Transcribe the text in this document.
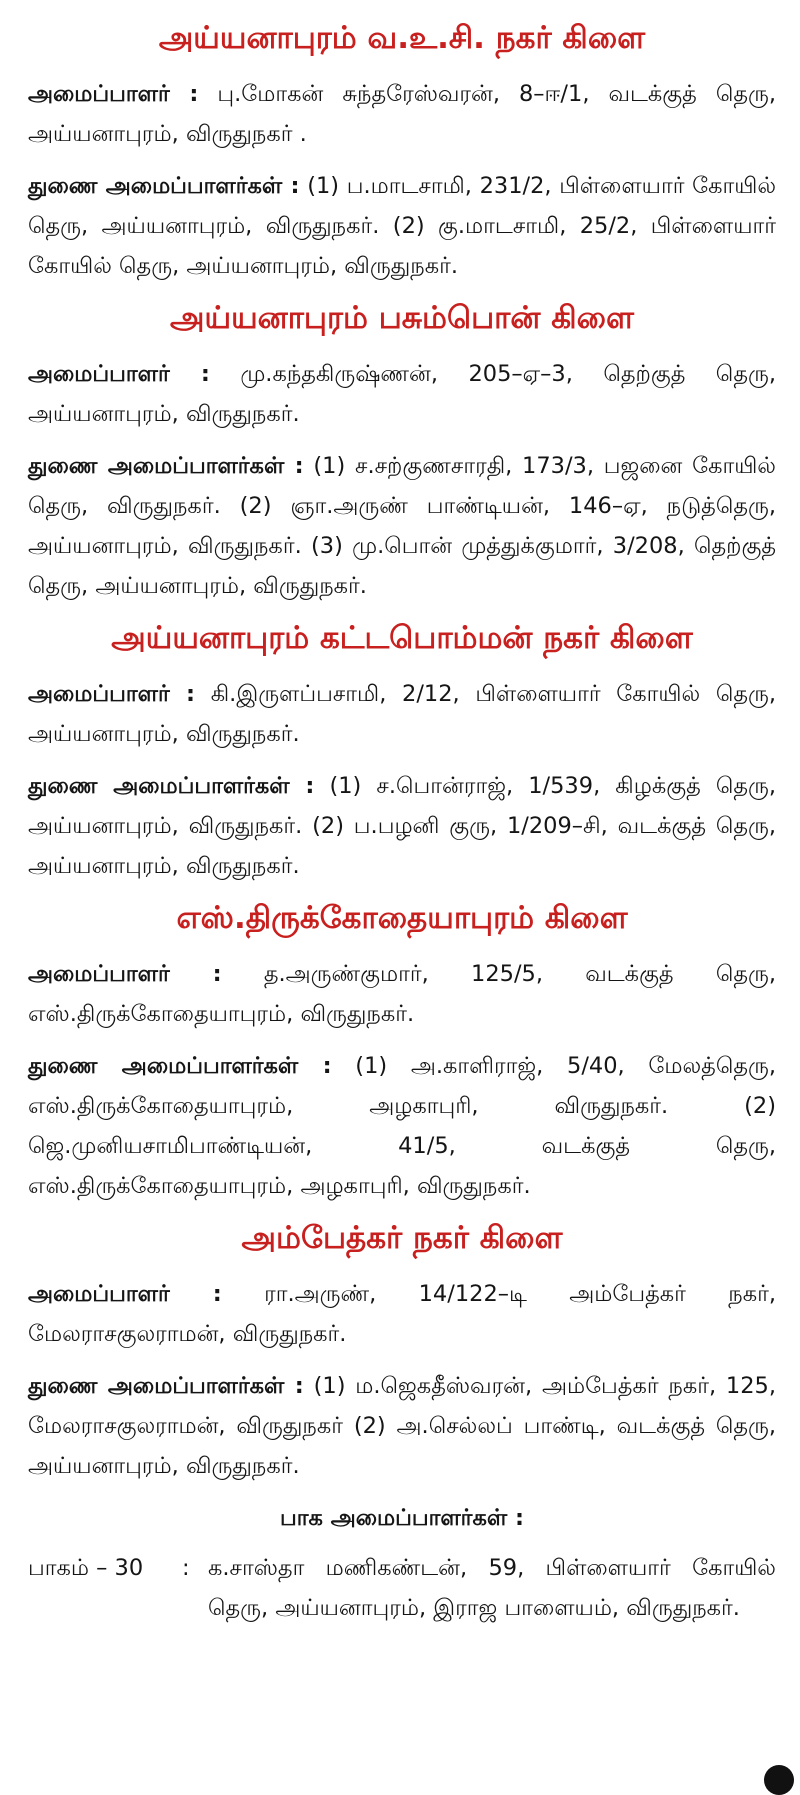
அய்யனாபுரம் வ.உ.சி. நகர் கிளை

அமைப்பாளர் : பு.மோகன் சுந்தரேஸ்வரன், 8–ஈ/1, வடக்குத் தெரு, அய்யனாபுரம், விருதுநகர் .

துணை அமைப்பாளர்கள் : (1) ப.மாடசாமி, 231/2, பிள்ளையார் கோயில் தெரு, அய்யனாபுரம், விருதுநகர். (2) கு.மாடசாமி, 25/2, பிள்ளையார் கோயில் தெரு, அய்யனாபுரம், விருதுநகர்.

அய்யனாபுரம் பசும்பொன் கிளை

அமைப்பாளர் : மு.கந்தகிருஷ்ணன், 205–ஏ–3, தெற்குத் தெரு, அய்யனாபுரம், விருதுநகர்.

துணை அமைப்பாளர்கள் : (1) ச.சற்குணசாரதி, 173/3, பஜனை கோயில் தெரு, விருதுநகர். (2) ஞா.அருண் பாண்டியன், 146–ஏ, நடுத்தெரு, அய்யனாபுரம், விருதுநகர். (3) மு.பொன் முத்துக்குமார், 3/208, தெற்குத் தெரு, அய்யனாபுரம், விருதுநகர்.

அய்யனாபுரம் கட்டபொம்மன் நகர் கிளை

அமைப்பாளர் : கி.இருளப்பசாமி, 2/12, பிள்ளையார் கோயில் தெரு, அய்யனாபுரம், விருதுநகர்.

துணை அமைப்பாளர்கள் : (1) ச.பொன்ராஜ், 1/539, கிழக்குத் தெரு, அய்யனாபுரம், விருதுநகர். (2) ப.பழனி குரு, 1/209–சி, வடக்குத் தெரு, அய்யனாபுரம், விருதுநகர்.

எஸ்.திருக்கோதையாபுரம் கிளை

அமைப்பாளர் : த.அருண்குமார், 125/5, வடக்குத் தெரு, எஸ்.திருக்கோதையாபுரம், விருதுநகர்.

துணை அமைப்பாளர்கள் : (1) அ.காளிராஜ், 5/40, மேலத்தெரு, எஸ்.திருக்கோதையாபுரம், அழகாபுரி, விருதுநகர். (2) ஜெ.முனியசாமிபாண்டியன், 41/5, வடக்குத் தெரு, எஸ்.திருக்கோதையாபுரம், அழகாபுரி, விருதுநகர்.

அம்பேத்கர் நகர் கிளை

அமைப்பாளர் : ரா.அருண், 14/122–டி அம்பேத்கர் நகர், மேலராசகுலராமன், விருதுநகர்.

துணை அமைப்பாளர்கள் : (1) ம.ஜெகதீஸ்வரன், அம்பேத்கர் நகர், 125, மேலராசகுலராமன், விருதுநகர் (2) அ.செல்லப் பாண்டி, வடக்குத் தெரு, அய்யனாபுரம், விருதுநகர்.

பாக அமைப்பாளர்கள் :
பாகம் – 30	: க.சாஸ்தா மணிகண்டன், 59, பிள்ளையார் கோயில் தெரு, அய்யனாபுரம், இராஜ பாளையம், விருதுநகர்.
